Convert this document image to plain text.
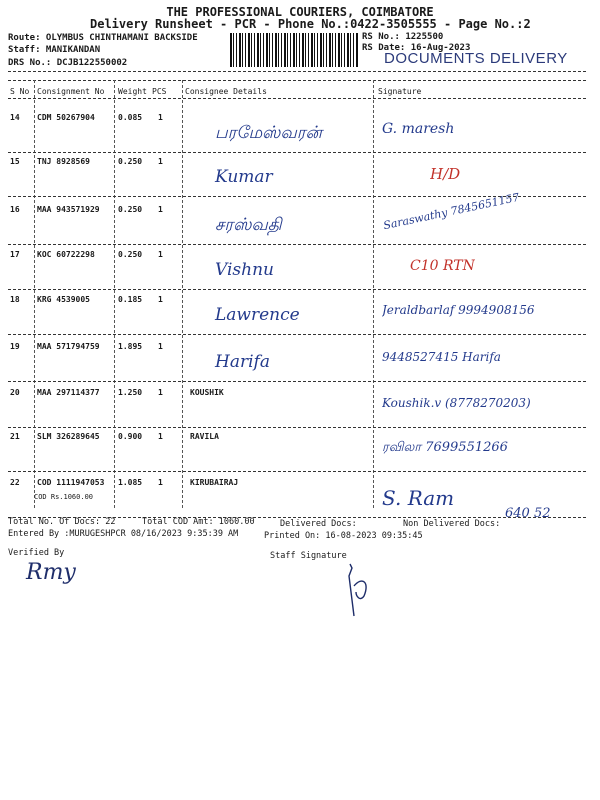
THE PROFESSIONAL COURIERS, COIMBATORE
Delivery Runsheet - PCR - Phone No.:0422-3505555 - Page No.:2
Route: OLYMBUS CHINTHAMANI BACKSIDE
Staff: MANIKANDAN
DRS No.: DCJB122550002
RS No.: 1225500
RS Date: 16-Aug-2023
DOCUMENTS DELIVERY
S No Consignment No Weight PCS Consignee Details	Signature
14 CDM 50267904	0.085 1
பரமேஸ்வரன்	G. maresh
15 TNJ 8928569	0.250 1
Kumar	H/D
16 MAA 943571929 0.250 1
சரஸ்வதி	Saraswathy 7845651157
17 KOC 60722298	0.250 1
Vishnu	C10 RTN
18 KRG 4539005	0.185 1
Lawrence	Jeraldbarlaf 9994908156
19 MAA 571794759 1.895 1
Harifa	9448527415 Harifa
20 MAA 297114377 1.250 1	KOUSHIK
Koushik.v (8778270203)
21 SLM 326289645 0.900 1	RAVILA
ரவிலா 7699551266
22 COD 1111947053 1.085 1	KIRUBAIRAJ
COD Rs.1060.00	S. Ram
Total No. Of Docs: 22	Total COD Amt: 1060.00	Delivered Docs:	Non Delivered Docs:
Entered By :MURUGESHPCR 08/16/2023 9:35:39 AM	Printed On: 16-08-2023 09:35:45
Verified By	Staff Signature
640 52
Rmy
